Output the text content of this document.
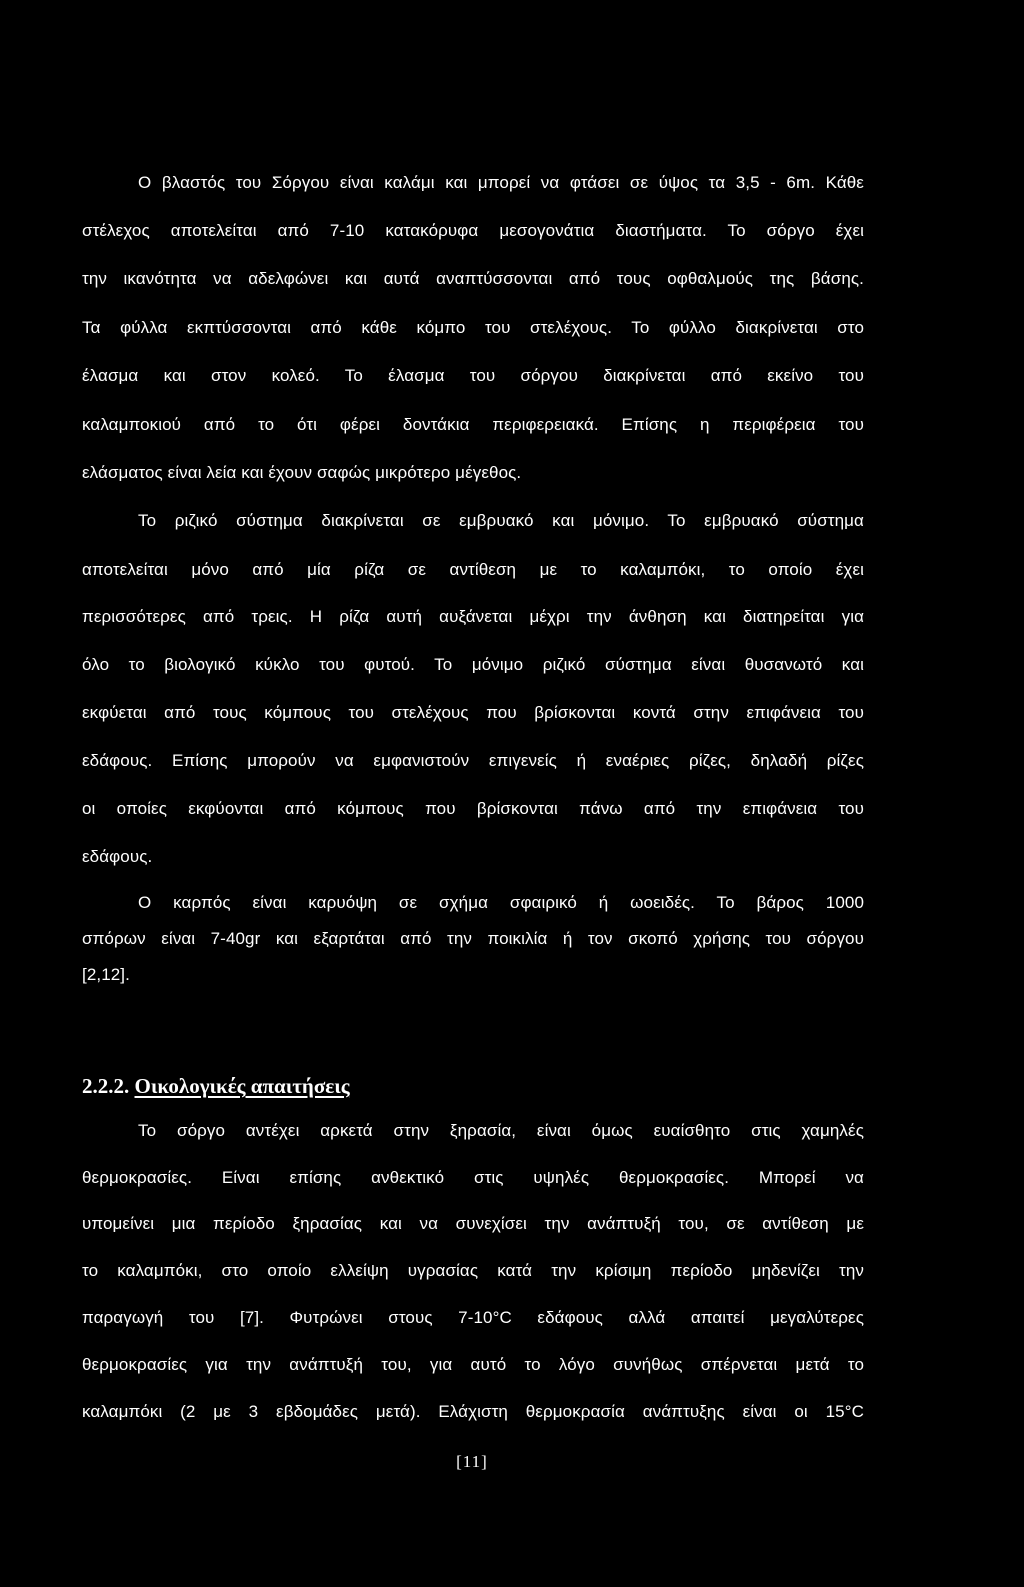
Ο βλαστός του Σόργου είναι καλάμι και μπορεί να φτάσει σε ύψος τα 3,5 - 6m. Κάθε
στέλεχος αποτελείται από 7-10 κατακόρυφα μεσογονάτια διαστήματα. Το σόργο έχει
την ικανότητα να αδελφώνει και αυτά αναπτύσσονται από τους οφθαλμούς της βάσης.
Τα φύλλα εκπτύσσονται από κάθε κόμπο του στελέχους. Το φύλλο διακρίνεται στο
έλασμα και στον κολεό. Το έλασμα του σόργου διακρίνεται από εκείνο του
καλαμποκιού από το ότι φέρει δοντάκια περιφερειακά. Επίσης η περιφέρεια του
ελάσματος είναι λεία και έχουν σαφώς μικρότερο μέγεθος.
Το ριζικό σύστημα διακρίνεται σε εμβρυακό και μόνιμο. Το εμβρυακό σύστημα
αποτελείται μόνο από μία ρίζα σε αντίθεση με το καλαμπόκι, το οποίο έχει
περισσότερες από τρεις. Η ρίζα αυτή αυξάνεται μέχρι την άνθηση και διατηρείται για
όλο το βιολογικό κύκλο του φυτού. Το μόνιμο ριζικό σύστημα είναι θυσανωτό και
εκφύεται από τους κόμπους του στελέχους που βρίσκονται κοντά στην επιφάνεια του
εδάφους. Επίσης μπορούν να εμφανιστούν επιγενείς ή εναέριες ρίζες, δηλαδή ρίζες
οι οποίες εκφύονται από κόμπους που βρίσκονται πάνω από την επιφάνεια του
εδάφους.
Ο καρπός είναι καρυόψη σε σχήμα σφαιρικό ή ωοειδές. Το βάρος 1000
σπόρων είναι 7-40gr και εξαρτάται από την ποικιλία ή τον σκοπό χρήσης του σόργου
[2,12].
2.2.2. Οικολογικές απαιτήσεις
Το σόργο αντέχει αρκετά στην ξηρασία, είναι όμως ευαίσθητο στις χαμηλές
θερμοκρασίες. Είναι επίσης ανθεκτικό στις υψηλές θερμοκρασίες. Μπορεί να
υπομείνει μια περίοδο ξηρασίας και να συνεχίσει την ανάπτυξή του, σε αντίθεση με
το καλαμπόκι, στο οποίο ελλείψη υγρασίας κατά την κρίσιμη περίοδο μηδενίζει την
παραγωγή του [7]. Φυτρώνει στους 7-10°C εδάφους αλλά απαιτεί μεγαλύτερες
θερμοκρασίες για την ανάπτυξή του, για αυτό το λόγο συνήθως σπέρνεται μετά το
καλαμπόκι (2 με 3 εβδομάδες μετά). Ελάχιστη θερμοκρασία ανάπτυξης είναι οι 15°C
[11]
